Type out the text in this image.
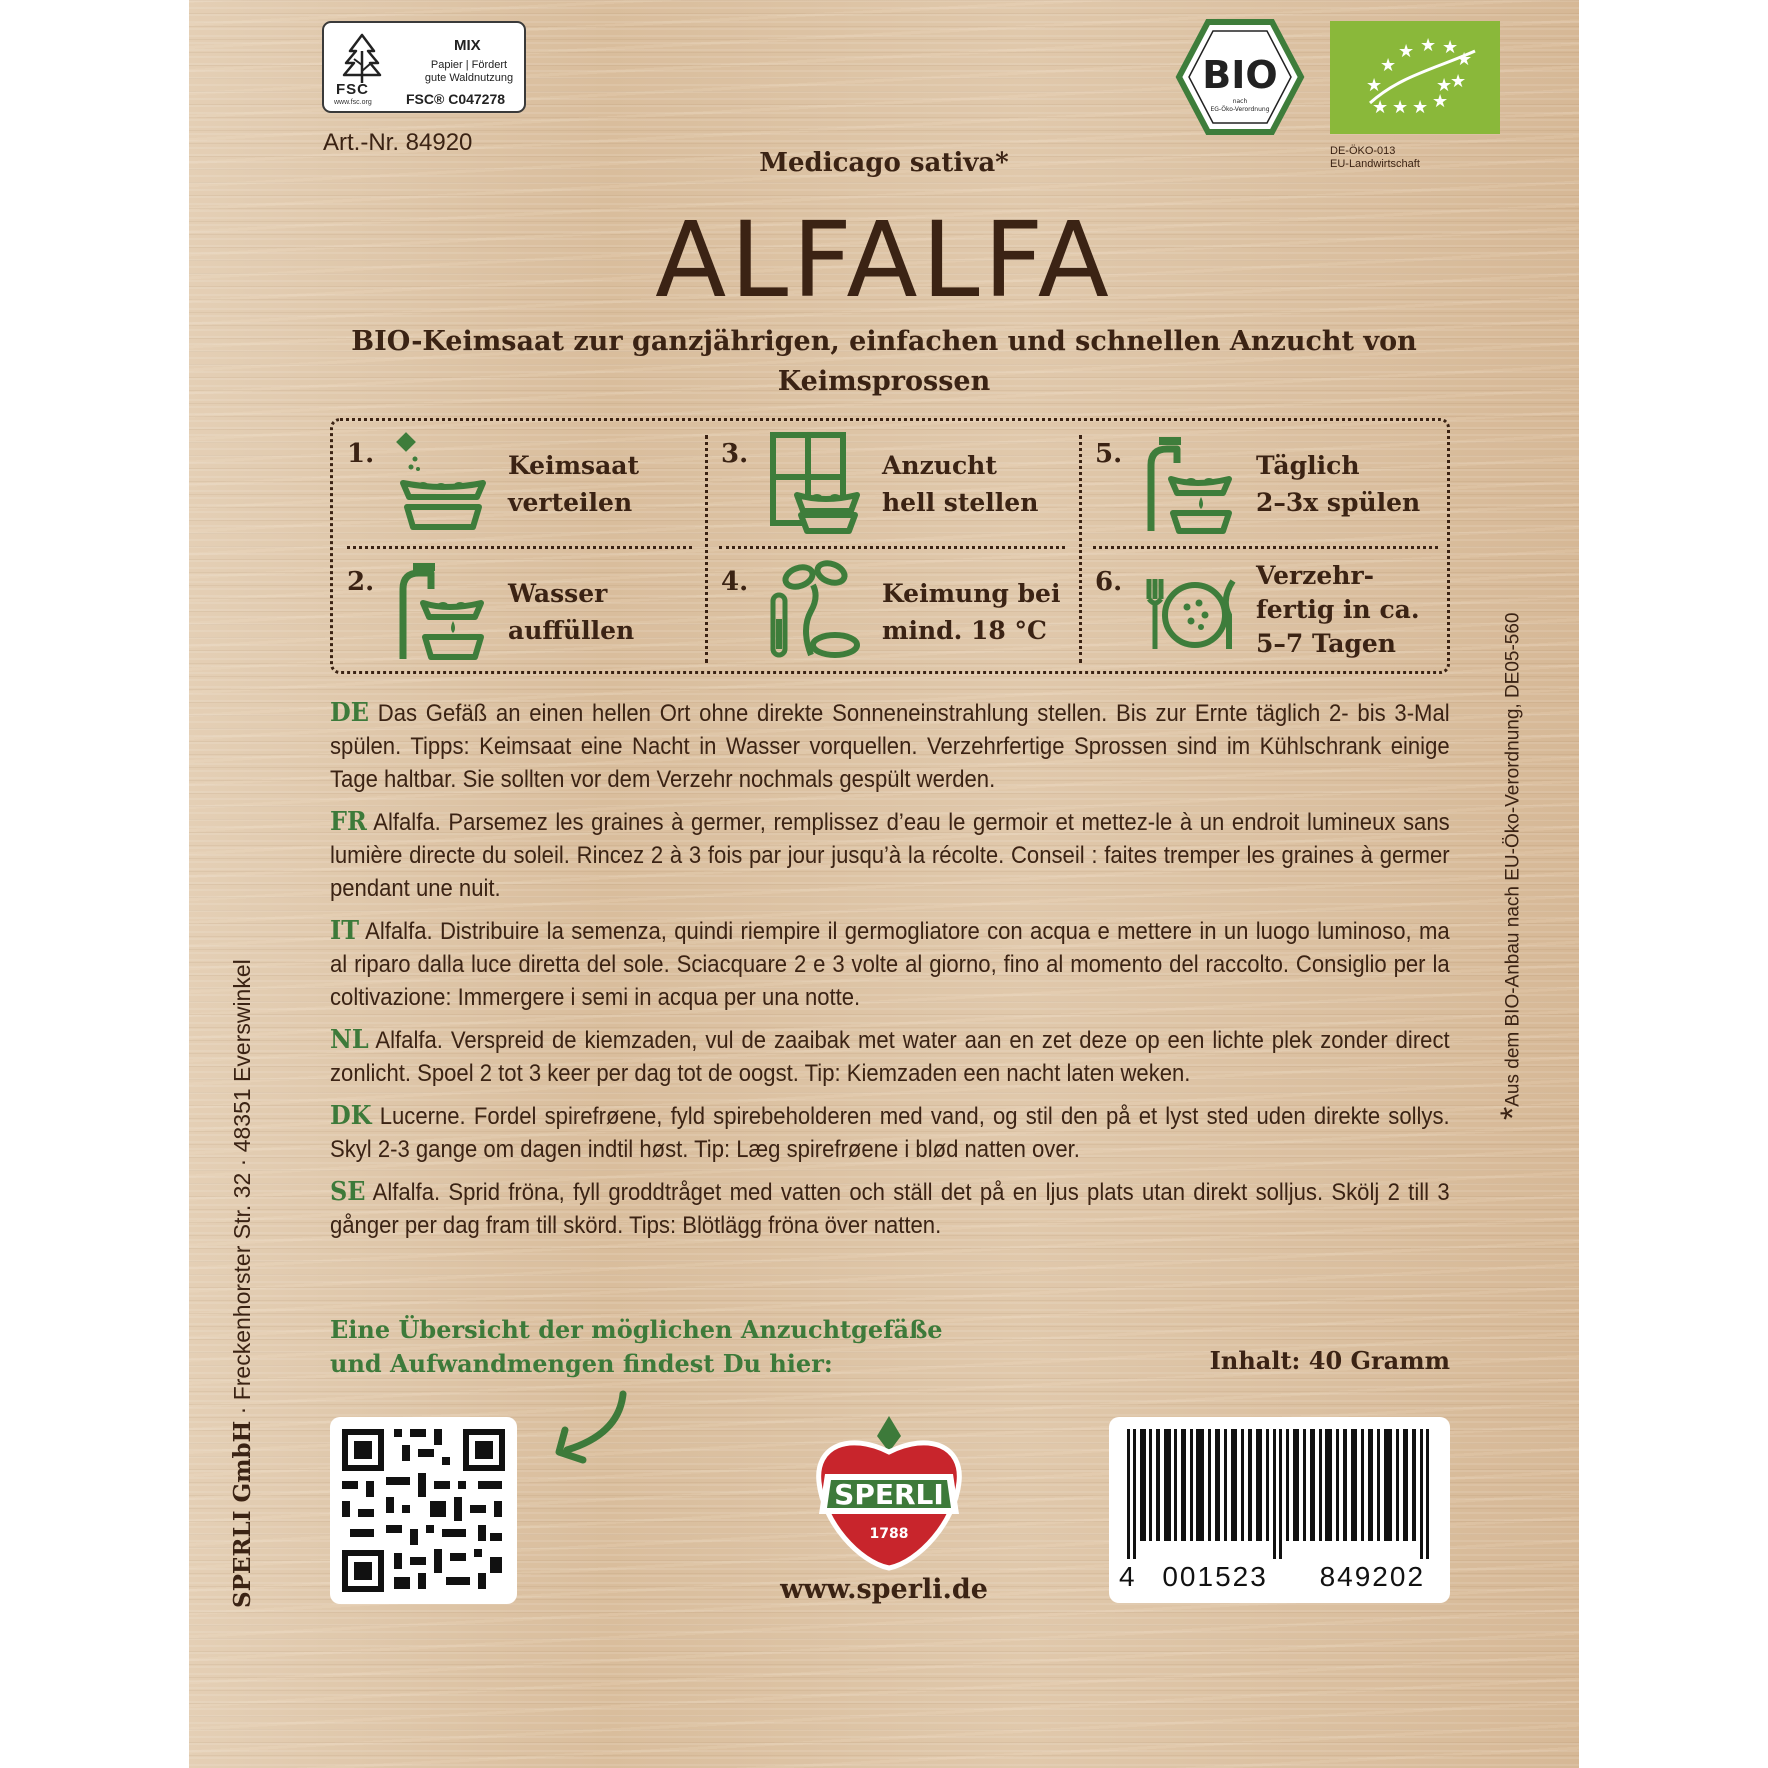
FSC
www.fsc.org
MIX
Papier | Fördert
gute Waldnutzung
FSC® C047278
Art.-Nr. 84920
BIO
nach
EG-Öko-Verordnung	★ ★ ★ ★
★
★
★ ★ ★
★
★
★
DE-ÖKO-013
EU-Landwirtschaft
Medicago sativa*
ALFALFA
BIO-Keimsaat zur ganzjährigen, einfachen und schnellen Anzucht von Keimsprossen
1.	Keimsaat
verteilen
2.	Wasser
auffüllen
3.	Anzucht
hell stellen
4.	Keimung bei
mind. 18 °C
5.	Täglich
2–3x spülen
6.	Verzehr-
fertig in ca.
5–7 Tagen

DE Das Gefäß an einen hellen Ort ohne direkte Sonneneinstrahlung stellen. Bis zur Ernte täglich 2- bis 3-Mal spülen. Tipps: Keimsaat eine Nacht in Wasser vorquellen. Verzehrfertige Sprossen sind im Kühlschrank einige Tage haltbar. Sie sollten vor dem Verzehr nochmals gespült werden.

FR Alfalfa. Parsemez les graines à germer, remplissez d’eau le germoir et mettez-le à un endroit lumineux sans lumière directe du soleil. Rincez 2 à 3 fois par jour jusqu’à la récolte. Conseil : faites tremper les graines à germer pendant une nuit.

IT Alfalfa. Distribuire la semenza, quindi riempire il germogliatore con acqua e mettere in un luogo luminoso, ma al riparo dalla luce diretta del sole. Sciacquare 2 e 3 volte al giorno, fino al momento del raccolto. Consiglio per la coltivazione: Immergere i semi in acqua per una notte.

NL Alfalfa. Verspreid de kiemzaden, vul de zaaibak met water aan en zet deze op een lichte plek zonder direct zonlicht. Spoel 2 tot 3 keer per dag tot de oogst. Tip: Kiemzaden een nacht laten weken.

DK Lucerne. Fordel spirefrøene, fyld spirebeholderen med vand, og stil den på et lyst sted uden direkte sollys. Skyl 2-3 gange om dagen indtil høst. Tip: Læg spirefrøene i blød natten over.

SE Alfalfa. Sprid fröna, fyll groddtråget med vatten och ställ det på en ljus plats utan direkt solljus. Skölj 2 till 3 gånger per dag fram till skörd. Tips: Blötlägg fröna över natten.

Eine Übersicht der möglichen Anzuchtgefäße
und Aufwandmengen findest Du hier:	Inhalt: 40 Gramm
SPERLI
1788
www.sperli.de	4 001523 849202
SPERLI GmbH · Freckenhorster Str. 32 · 48351 Everswinkel	*Aus dem BIO-Anbau nach EU-Öko-Verordnung, DE05-560
